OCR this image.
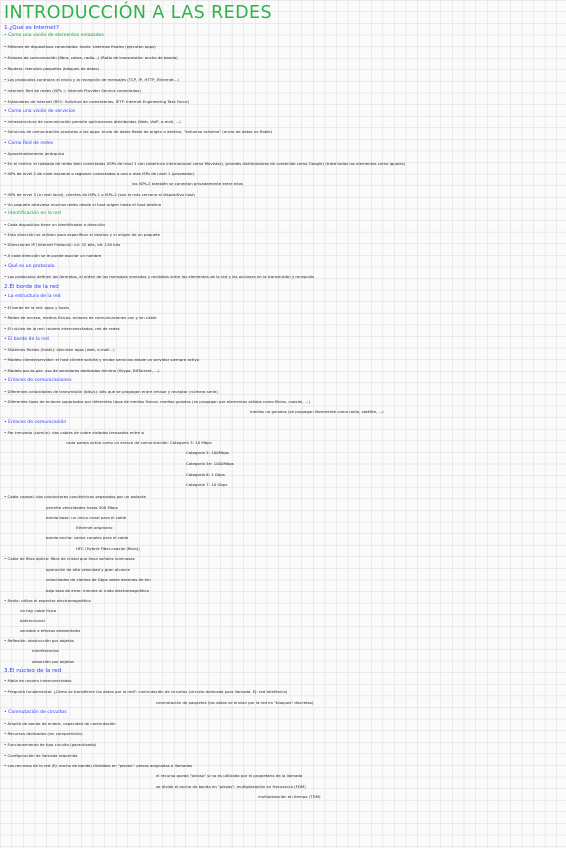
INTRODUCCIÓN A LAS REDES
1.¿Qué es Internet?
• Como una visión de elementos enlazados
• Millones de dispositivos conectados: hosts: sistemas finales (ejecutan apps)
• Enlaces de comunicación (fibra, cobre, radio...) (Ratio de transmisión: ancho de banda)
• Routers: reenvían paquetes (bloques de datos)
• Los protocolos controlan el envío y la recepción de mensajes (TCP, IP, HTTP, Ethernet...)
• Internet: Red de redes (ISPs = Internet Provider Service conectados)
• Estándares de Internet (RFC: Solicitud de comentarios, IETF: Internet Engineering Task Force)
• Como una visión de servicios
• Infraestructura de comunicación permite aplicaciones distribuidas (Web, VoIP, e-mail, ...)
• Servicios de comunicación provistos a las apps: envío de datos fiable de origen a destino, "esfuerzo máximo" (envío de datos no fiable)
• Como Red de redes
• Aproximadamente jerárquica
• En el centro: el rodeado de redes bien conectadas (ISPs de nivel 1 con cobertura internacional como Movistar), grandes distribuidores de contenido como Google) (trata todos los elementos como iguales)
• ISPs de nivel 2 de nivel nacional o regional: conectados a uno o más ISPs de nivel 1 (proveedor)
los ISPs-2 también se conectan privadamente entre ellos
• ISPs de nivel 3 (o nivel local), clientes de ISPs-1 o ISPs-2 (son lo más cercano al dispositivo host)
• Un paquete atraviesa muchas redes desde el host origen hasta el host destino
• Identificación en la red
• Cada dispositivo tiene un identificador o dirección
• Esta dirección se utilizan para especificar el destino y el origen de un paquete
• Direcciones IP (Internet Protocol): v4: 32 bits, v6: 128 bits
• A cada dirección se le puede asociar un nombre
• Qué es un protocolo
• Los protocolos definen los formatos, el orden de los mensajes enviados y recibidos entre los elementos de la red y las acciones en la transmisión y recepción
2.El borde de la red
• La estructura de la red
• El borde de la red: apps y hosts
• Redes de acceso, medios físicos: enlaces de comunicaciones con y sin cable
• El núcleo de la red: routers interconectados, red de redes
• El borde de la red
• Sistemas finales (hosts): ejecutan apps (web, e-mail...)
• Modelo cliente/servidor: el host cliente solicita y recibe servicios desde un servidor siempre activo
• Modelo par-to-par: uso de servidores dedicados mínimo (Skype, BitTorrent, ...)
• Enlaces de comunicaciones
• Diferentes velocidades de transmisión (bits/s): bits que se propagan entre emisor y receptor (número serie)
• Diferentes tipos de enlaces soportados por diferentes tipos de medios físicos: medios guiados (se propagan por elementos sólidos como fibras, coaxial, ...)
medios no guiados (se propagan libremente como radio, satélite, ...)
• Enlaces de comunicación
• Par trenzado (común): dos cables de cobre aislados trenzados entre sí
cada pareja actúa como un enlace de comunicación: Categoría 3: 10 Mbps
Categoría 5: 100Mbps
Categoría 5e: 1000Mbps
Categoría 6: 1 Gbps
Categoría 7: 10 Gbps
• Cable coaxial: dos conductores concéntricos separados por un aislante
permite velocidades hasta 500 Mbps
banda base: un único canal para el cable
Ethernet originario
banda ancha: varios canales para el cable
HFC (Hybrid Fiber-coaxial (fibra))
• Cable de fibra óptica: fibra de cristal que lleva señales luminosas
operación de alta velocidad y gran alcance
velocidades de cientos de Gbps sobre decenas de km
bajo tasa de error: inmune al ruido electromagnético
• Radio: utiliza el espectro electromagnético
no hay cable físico
bidireccional
sensible a efectos ambientales
• Reflexión: obstrucción por objetos
interferencias
absorción por objetos
3.El núcleo de la red
• Malla de routers interconectados
• Pregunta fundamental: ¿Cómo se transfieren los datos por la red?: conmutación de circuitos (circuito dedicado para llamada. Ej: red telefónica)
conmutación de paquetes (los datos se envían por la red en "bloques" discretos)
• Conmutación de circuitos
• Ámplio de banda de enlace, capacidad de conmutación
• Recursos dedicados (sin compartición)
• Funcionamiento de tipo circuito (garantizado)
• Configuración de llamada requerida
• Los recursos de la red (Ej: ancho de banda) divididos en "piezas": piezas asignadas a llamadas
el recurso queda "ocioso" si no es utilizado por el propietario de la llamada
se divide el ancho de banda en "piezas": multiplexación en frecuencia (FDM)
multiplexación en tiempo (TDM)
